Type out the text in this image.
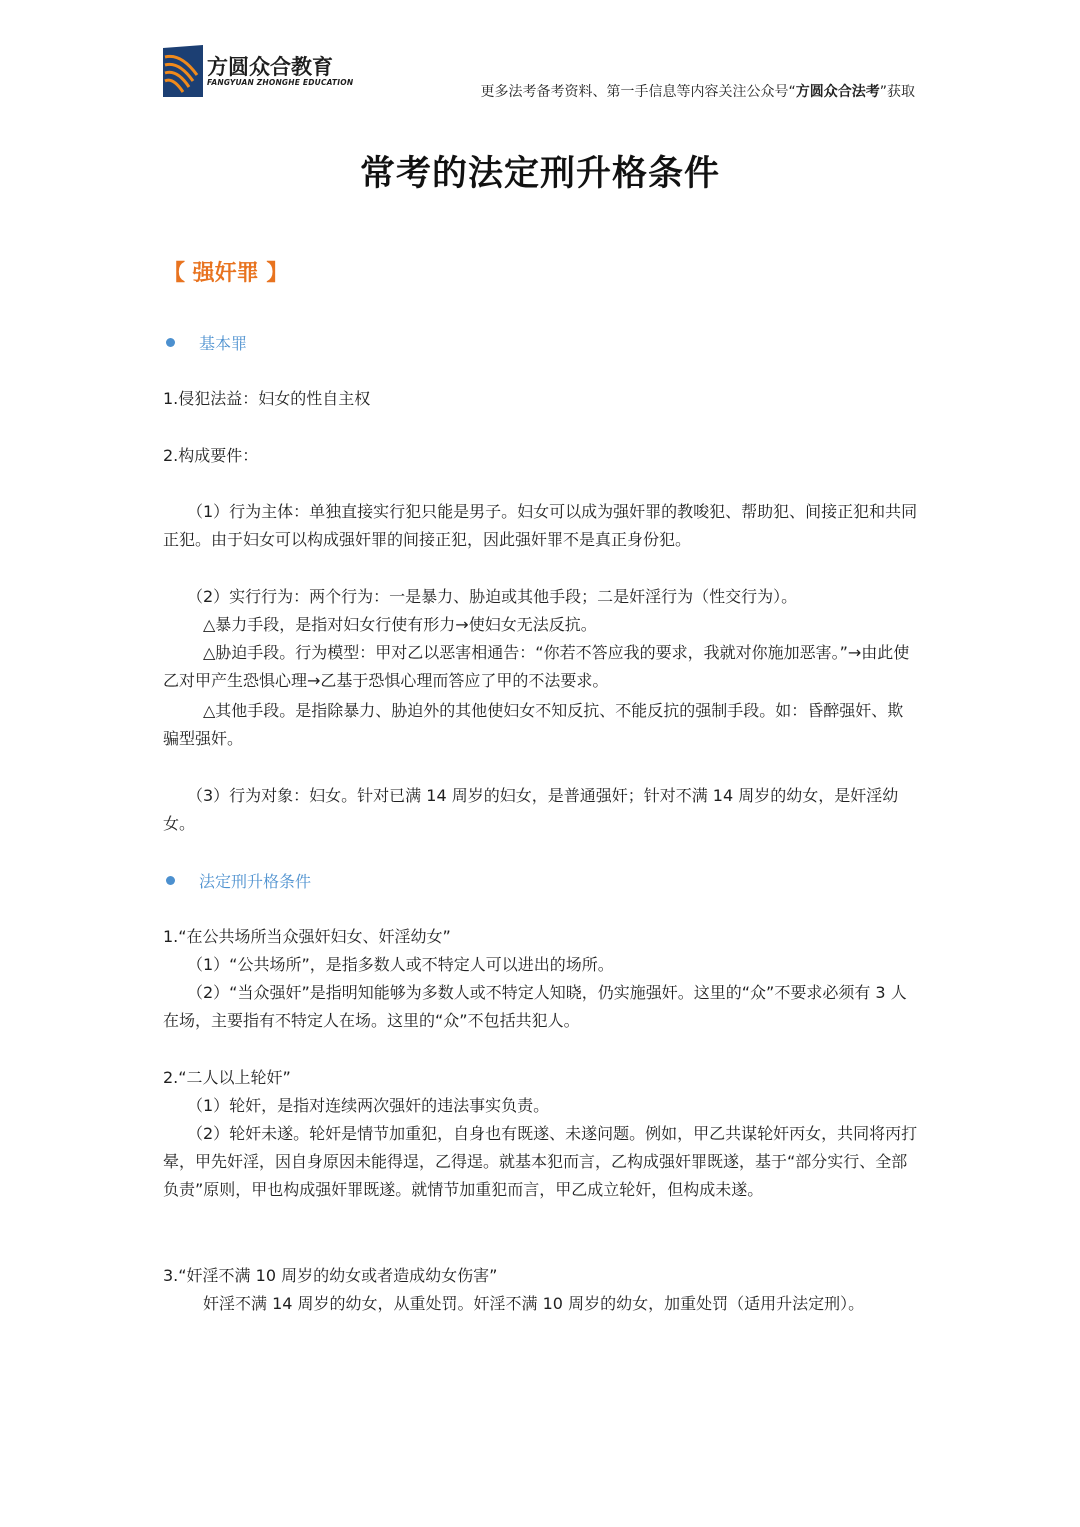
方圆众合教育
FANGYUAN ZHONGHE EDUCATION
更多法考备考资料、第一手信息等内容关注公众号“方圆众合法考”获取
常考的法定刑升格条件
【 强奸罪 】
基本罪

1.侵犯法益：妇女的性自主权

2.构成要件：

（1）行为主体：单独直接实行犯只能是男子。妇女可以成为强奸罪的教唆犯、帮助犯、间接正犯和共同正犯。由于妇女可以构成强奸罪的间接正犯，因此强奸罪不是真正身份犯。

（2）实行行为：两个行为：一是暴力、胁迫或其他手段；二是奸淫行为（性交行为）。

△暴力手段，是指对妇女行使有形力→使妇女无法反抗。

△胁迫手段。行为模型：甲对乙以恶害相通告：“你若不答应我的要求，我就对你施加恶害。”→由此使乙对甲产生恐惧心理→乙基于恐惧心理而答应了甲的不法要求。

△其他手段。是指除暴力、胁迫外的其他使妇女不知反抗、不能反抗的强制手段。如：昏醉强奸、欺骗型强奸。

（3）行为对象：妇女。针对已满 14 周岁的妇女，是普通强奸；针对不满 14 周岁的幼女，是奸淫幼女。

法定刑升格条件

1.“在公共场所当众强奸妇女、奸淫幼女”

（1）“公共场所”，是指多数人或不特定人可以进出的场所。

（2）“当众强奸”是指明知能够为多数人或不特定人知晓，仍实施强奸。这里的“众”不要求必须有 3 人在场，主要指有不特定人在场。这里的“众”不包括共犯人。

2.“二人以上轮奸”

（1）轮奸，是指对连续两次强奸的违法事实负责。

（2）轮奸未遂。轮奸是情节加重犯，自身也有既遂、未遂问题。例如，甲乙共谋轮奸丙女，共同将丙打晕，甲先奸淫，因自身原因未能得逞，乙得逞。就基本犯而言，乙构成强奸罪既遂，基于“部分实行、全部负责”原则，甲也构成强奸罪既遂。就情节加重犯而言，甲乙成立轮奸，但构成未遂。

3.“奸淫不满 10 周岁的幼女或者造成幼女伤害”

奸淫不满 14 周岁的幼女，从重处罚。奸淫不满 10 周岁的幼女，加重处罚（适用升法定刑）。
